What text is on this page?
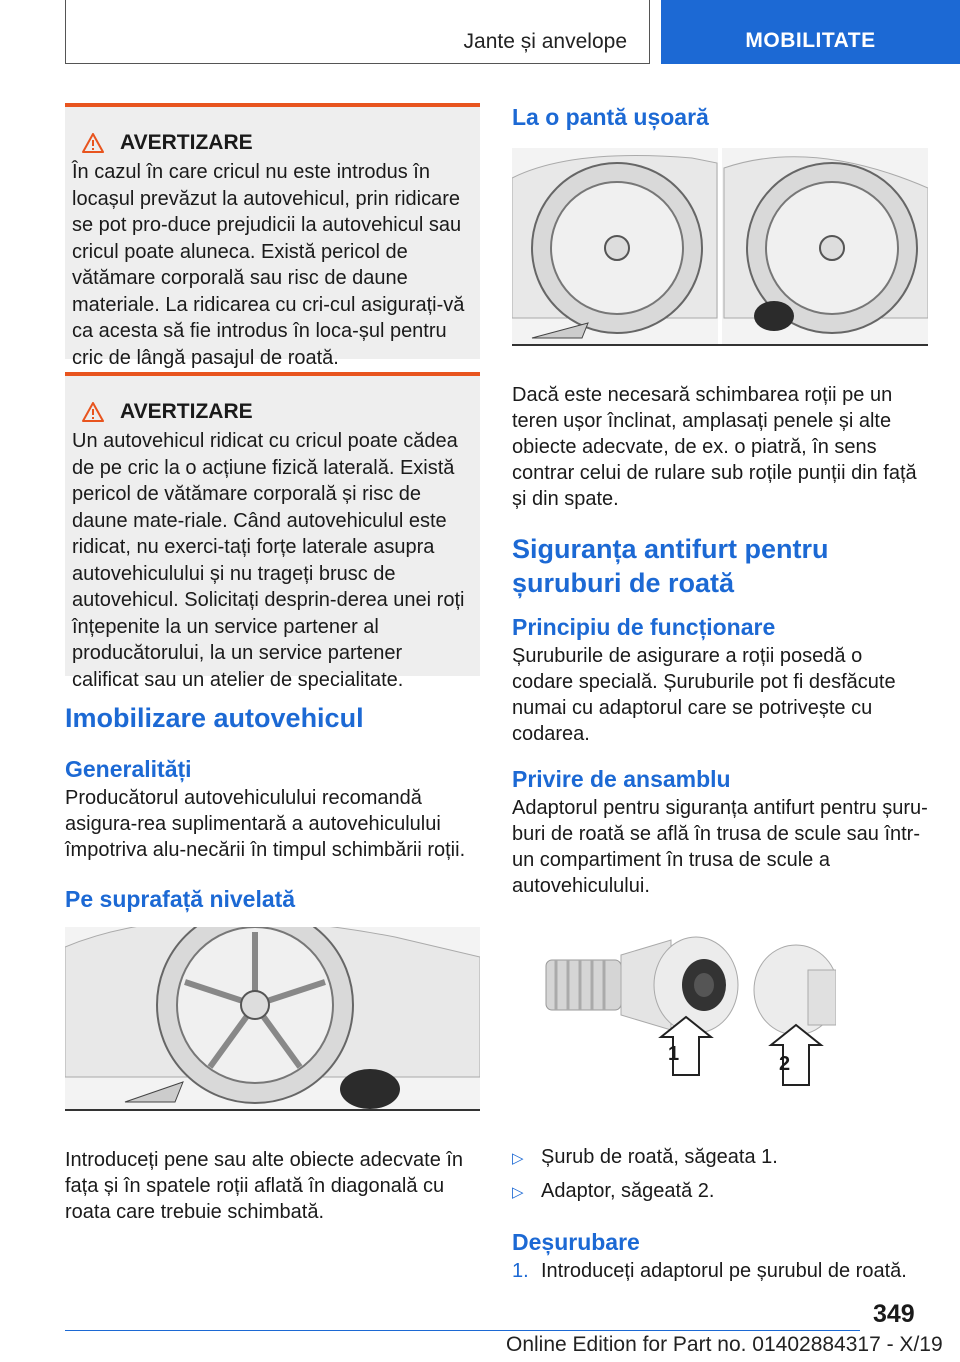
Jante și anvelope	MOBILITATE
AVERTIZARE

În cazul în care cricul nu este introdus în locașul prevăzut la autovehicul, prin ridicare se pot pro-duce prejudicii la autovehicul sau cricul poate aluneca. Există pericol de vătămare corporală sau risc de daune materiale. La ridicarea cu cri-cul asigurați-vă ca acesta să fie introdus în loca-șul pentru cric de lângă pasajul de roată.

AVERTIZARE

Un autovehicul ridicat cu cricul poate cădea de pe cric la o acțiune fizică laterală. Există pericol de vătămare corporală și risc de daune mate-riale. Când autovehiculul este ridicat, nu exerci-tați forțe laterale asupra autovehiculului și nu trageți brusc de autovehicul. Solicitați desprin-derea unei roți înțepenite la un service partener al producătorului, la un service partener calificat sau un atelier de specialitate.

Imobilizare autovehicul
Generalități

Producătorul autovehiculului recomandă asigura-rea suplimentară a autovehiculului împotriva alu-necării în timpul schimbării roții.

Pe suprafață nivelată

Introduceți pene sau alte obiecte adecvate în fața și în spatele roții aflată în diagonală cu roata care trebuie schimbată.

La o pantă ușoară

Dacă este necesară schimbarea roții pe un teren ușor înclinat, amplasați penele și alte obiecte adecvate, de ex. o piatră, în sens contrar celui de rulare sub roțile punții din față și din spate.

Siguranța antifurt pentru șuruburi de roată
Principiu de funcționare

Șuruburile de asigurare a roții posedă o codare specială. Șuruburile pot fi desfăcute numai cu adaptorul care se potrivește cu codarea.

Privire de ansamblu

Adaptorul pentru siguranța antifurt pentru șuru-buri de roată se află în trusa de scule sau într-un compartiment în trusa de scule a autovehiculului.

1	2
▷ Șurub de roată, săgeata 1.
▷ Adaptor, săgeată 2.
Deșurubare
1. Introduceți adaptorul pe șurubul de roată.
349
Online Edition for Part no. 01402884317 - X/19
